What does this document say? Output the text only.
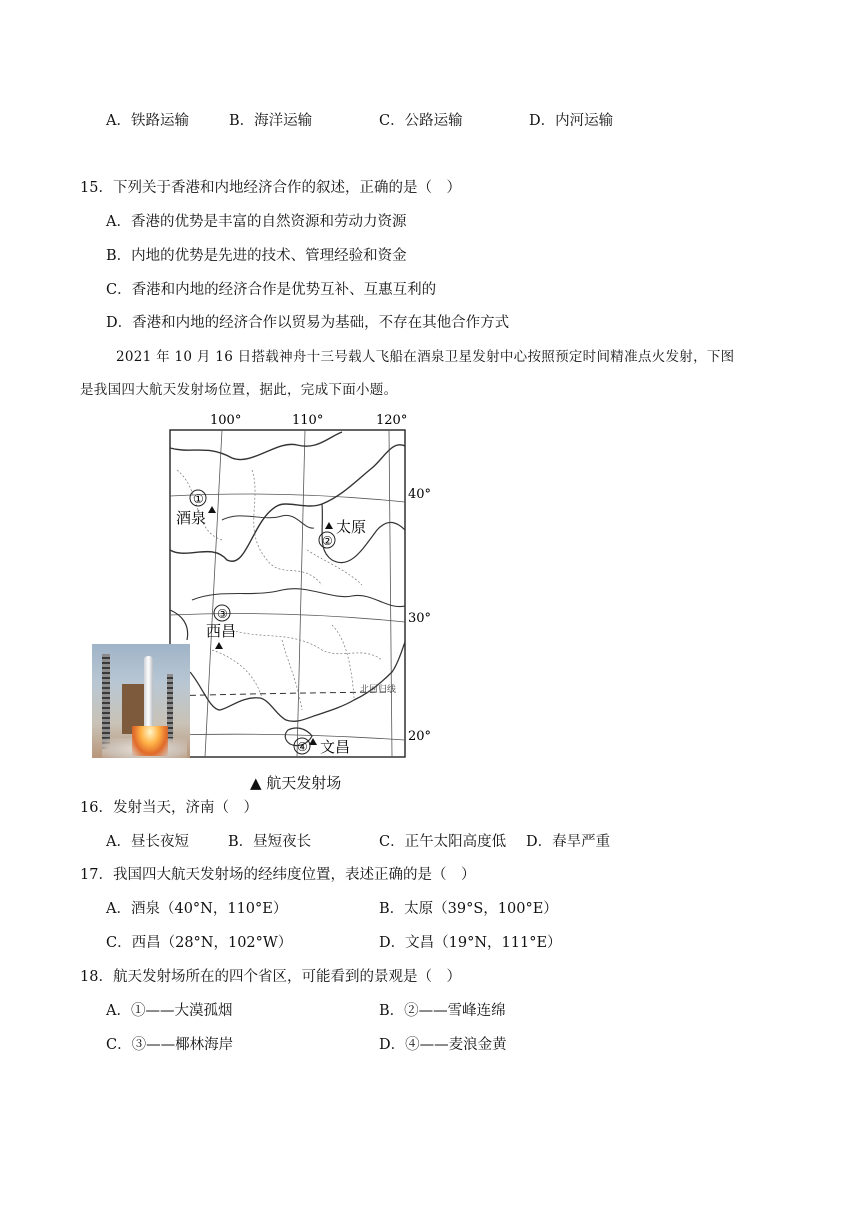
A．铁路运输	B．海洋运输	C．公路运输	D．内河运输
15．下列关于香港和内地经济合作的叙述，正确的是（　）
A．香港的优势是丰富的自然资源和劳动力资源
B．内地的优势是先进的技术、管理经验和资金
C．香港和内地的经济合作是优势互补、互惠互利的
D．香港和内地的经济合作以贸易为基础，不存在其他合作方式
2021 年 10 月 16 日搭载神舟十三号载人飞船在酒泉卫星发射中心按照预定时间精准点火发射，下图
是我国四大航天发射场位置，据此，完成下面小题。
100°	110°	120°
40°
30°
20°
北回归线
①
酒泉
②
太原
③
西昌
④ 文昌
▲ 航天发射场
16．发射当天，济南（　）
A．昼长夜短	B．昼短夜长	C．正午太阳高度低 D．春旱严重
17．我国四大航天发射场的经纬度位置，表述正确的是（　）
A．酒泉（40°N，110°E）	B．太原（39°S，100°E）
C．西昌（28°N，102°W）	D．文昌（19°N，111°E）
18．航天发射场所在的四个省区，可能看到的景观是（　）
A．①——大漠孤烟	B．②——雪峰连绵
C．③——椰林海岸	D．④——麦浪金黄
